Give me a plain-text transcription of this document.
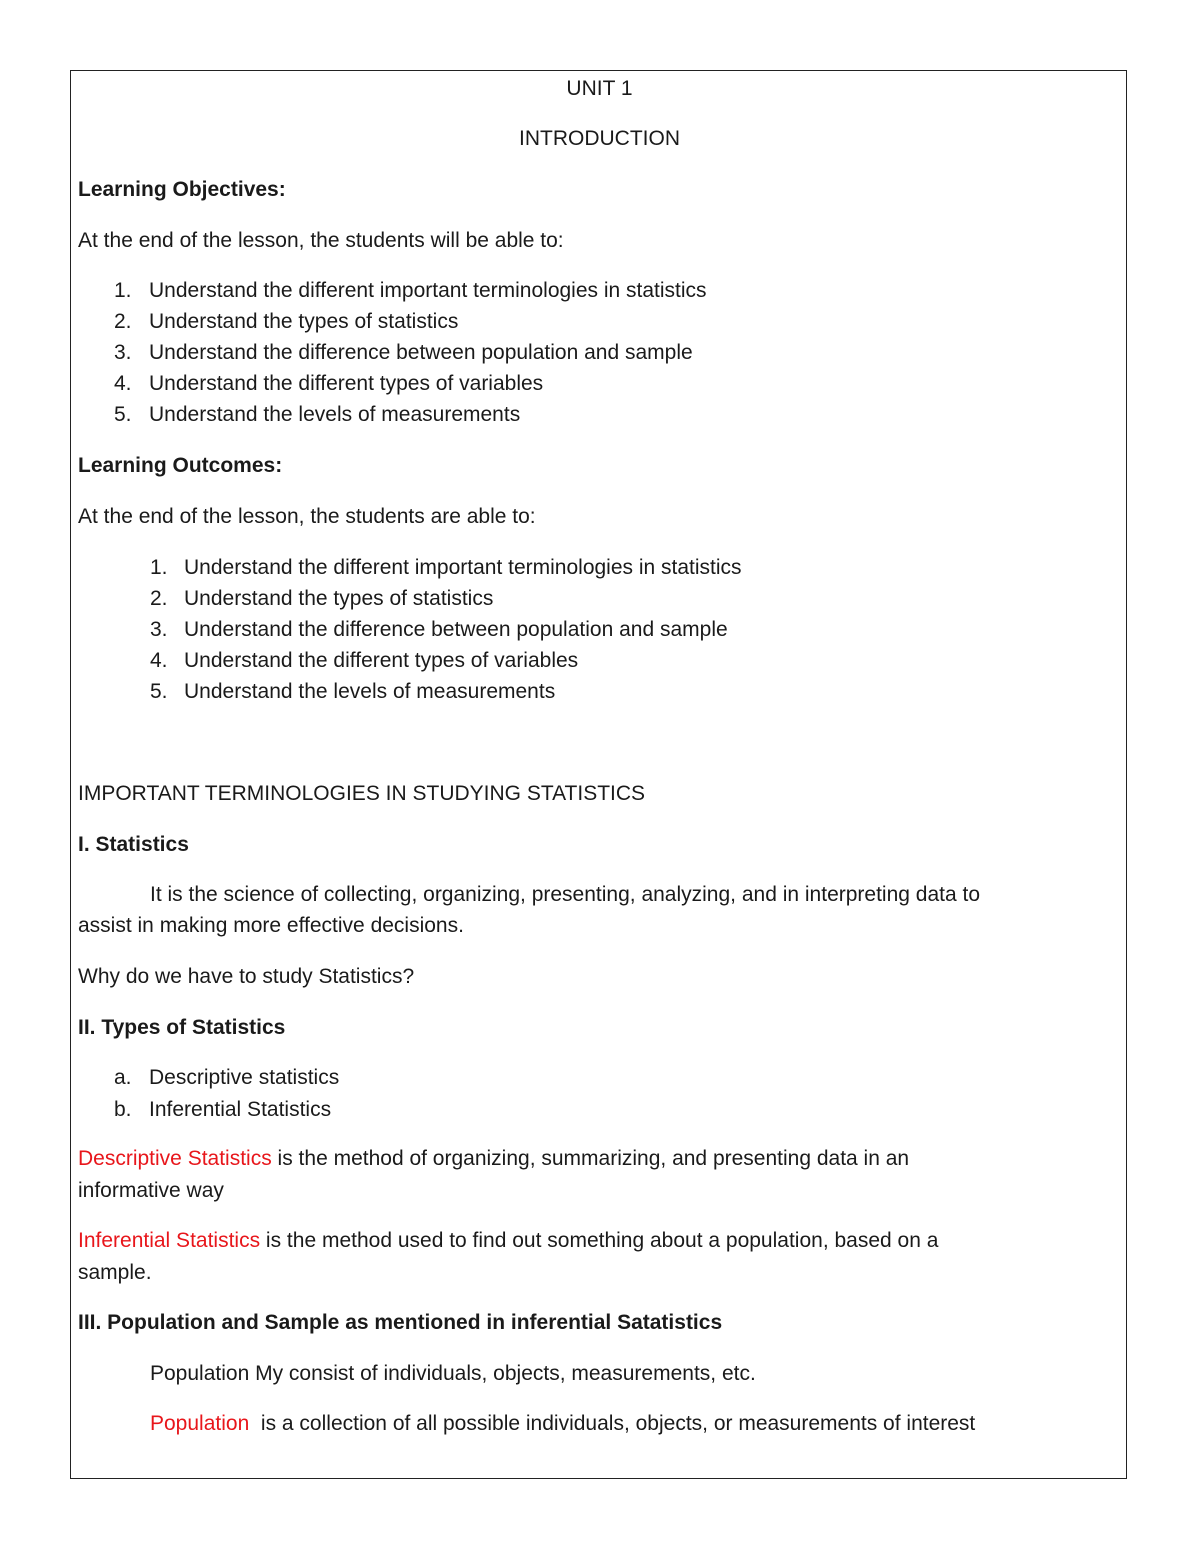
UNIT 1
INTRODUCTION
Learning Objectives:
At the end of the lesson, the students will be able to:
1. Understand the different important terminologies in statistics
2. Understand the types of statistics
3. Understand the difference between population and sample
4. Understand the different types of variables
5. Understand the levels of measurements
Learning Outcomes:
At the end of the lesson, the students are able to:
1. Understand the different important terminologies in statistics
2. Understand the types of statistics
3. Understand the difference between population and sample
4. Understand the different types of variables
5. Understand the levels of measurements
IMPORTANT TERMINOLOGIES IN STUDYING STATISTICS
I. Statistics
It is the science of collecting, organizing, presenting, analyzing, and in interpreting data to
assist in making more effective decisions.
Why do we have to study Statistics?
II. Types of Statistics
a. Descriptive statistics
b. Inferential Statistics
Descriptive Statistics is the method of organizing, summarizing, and presenting data in an
informative way
Inferential Statistics is the method used to find out something about a population, based on a
sample.
III. Population and Sample as mentioned in inferential Satatistics
Population My consist of individuals, objects, measurements, etc.
Population  is a collection of all possible individuals, objects, or measurements of interest
